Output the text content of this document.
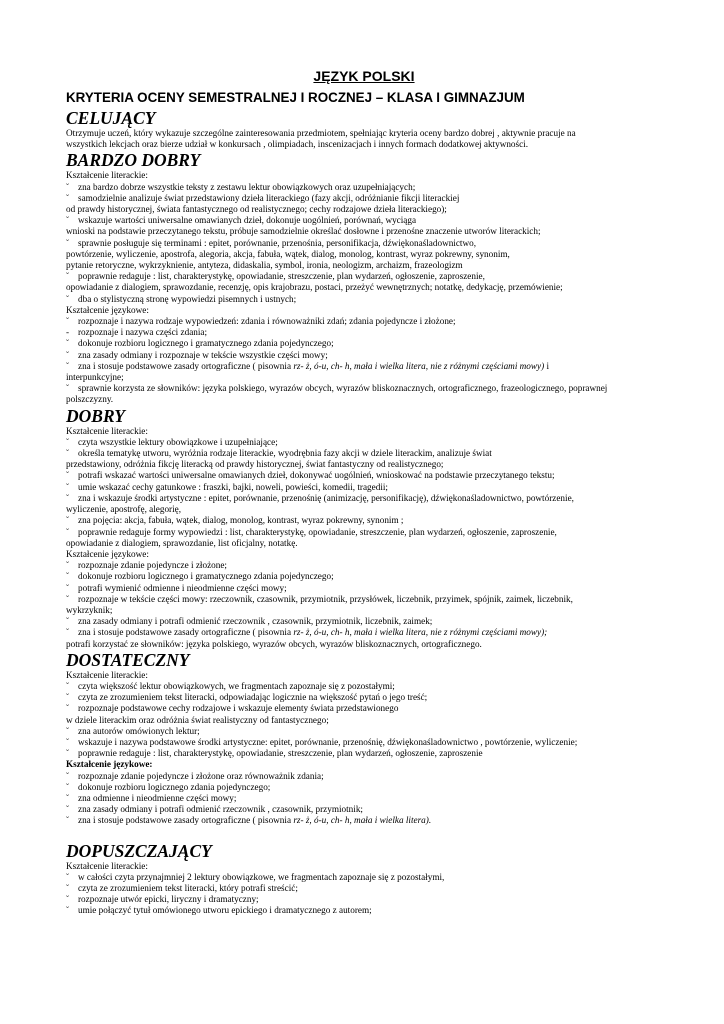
JĘZYK POLSKI
KRYTERIA OCENY SEMESTRALNEJ I ROCZNEJ – KLASA I GIMNAZJUM
CELUJĄCY
Otrzymuje uczeń, który wykazuje szczególne zainteresowania przedmiotem, spełniając kryteria oceny bardzo dobrej , aktywnie pracuje na
wszystkich lekcjach oraz bierze udział w konkursach , olimpiadach, inscenizacjach i innych formach dodatkowej aktywności.
BARDZO DOBRY
Kształcenie literackie:
˘ zna bardzo dobrze wszystkie teksty z zestawu lektur obowiązkowych oraz uzupełniających;
˘ samodzielnie analizuje świat przedstawiony dzieła literackiego (fazy akcji, odróżnianie fikcji literackiej
od prawdy historycznej, świata fantastycznego od realistycznego; cechy rodzajowe dzieła literackiego);
˘ wskazuje wartości uniwersalne omawianych dzieł, dokonuje uogólnień, porównań, wyciąga
wnioski na podstawie przeczytanego tekstu, próbuje samodzielnie określać dosłowne i przenośne znaczenie utworów literackich;
˘ sprawnie posługuje się terminami : epitet, porównanie, przenośnia, personifikacja, dźwiękonaśladownictwo,
powtórzenie, wyliczenie, apostrofa, alegoria, akcja, fabuła, wątek, dialog, monolog, kontrast, wyraz pokrewny, synonim,
pytanie retoryczne, wykrzyknienie, antyteza, didaskalia, symbol, ironia, neologizm, archaizm, frazeologizm
˘ poprawnie redaguje : list, charakterystykę, opowiadanie, streszczenie, plan wydarzeń, ogłoszenie, zaproszenie,
opowiadanie z dialogiem, sprawozdanie, recenzję, opis krajobrazu, postaci, przeżyć wewnętrznych; notatkę, dedykację, przemówienie;
˘ dba o stylistyczną stronę wypowiedzi pisemnych i ustnych;
Kształcenie językowe:
˘ rozpoznaje i nazywa rodzaje wypowiedzeń: zdania i równoważniki zdań; zdania pojedyncze i złożone;
- rozpoznaje i nazywa części zdania;
˘ dokonuje rozbioru logicznego i gramatycznego zdania pojedynczego;
˘ zna zasady odmiany i rozpoznaje w tekście wszystkie części mowy;
˘ zna i stosuje podstawowe zasady ortograficzne ( pisownia rz- ż, ó-u, ch- h, mała i wielka litera, nie z różnymi częściami mowy) i
interpunkcyjne;
˘ sprawnie korzysta ze słowników: języka polskiego, wyrazów obcych, wyrazów bliskoznacznych, ortograficznego, frazeologicznego, poprawnej
polszczyzny.
DOBRY
Kształcenie literackie:
˘ czyta wszystkie lektury obowiązkowe i uzupełniające;
˘ określa tematykę utworu, wyróżnia rodzaje literackie, wyodrębnia fazy akcji w dziele literackim, analizuje świat
przedstawiony, odróżnia fikcję literacką od prawdy historycznej, świat fantastyczny od realistycznego;
˘ potrafi wskazać wartości uniwersalne omawianych dzieł, dokonywać uogólnień, wnioskować na podstawie przeczytanego tekstu;
˘ umie wskazać cechy gatunkowe : fraszki, bajki, noweli, powieści, komedii, tragedii;
˘ zna i wskazuje środki artystyczne : epitet, porównanie, przenośnię (animizację, personifikację), dźwiękonaśladownictwo, powtórzenie,
wyliczenie, apostrofę, alegorię,
˘ zna pojęcia: akcja, fabuła, wątek, dialog, monolog, kontrast, wyraz pokrewny, synonim ;
˘ poprawnie redaguje formy wypowiedzi : list, charakterystykę, opowiadanie, streszczenie, plan wydarzeń, ogłoszenie, zaproszenie,
opowiadanie z dialogiem, sprawozdanie, list oficjalny, notatkę.
Kształcenie językowe:
˘ rozpoznaje zdanie pojedyncze i złożone;
˘ dokonuje rozbioru logicznego i gramatycznego zdania pojedynczego;
˘ potrafi wymienić odmienne i nieodmienne części mowy;
˘ rozpoznaje w tekście części mowy: rzeczownik, czasownik, przymiotnik, przysłówek, liczebnik, przyimek, spójnik, zaimek, liczebnik,
wykrzyknik;
˘ zna zasady odmiany i potrafi odmienić rzeczownik , czasownik, przymiotnik, liczebnik, zaimek;
˘ zna i stosuje podstawowe zasady ortograficzne ( pisownia rz- ż, ó-u, ch- h, mała i wielka litera, nie z różnymi częściami mowy);
potrafi korzystać ze słowników: języka polskiego, wyrazów obcych, wyrazów bliskoznacznych, ortograficznego.
DOSTATECZNY
Kształcenie literackie:
˘ czyta większość lektur obowiązkowych, we fragmentach zapoznaje się z pozostałymi;
˘ czyta ze zrozumieniem tekst literacki, odpowiadając logicznie na większość pytań o jego treść;
˘ rozpoznaje podstawowe cechy rodzajowe i wskazuje elementy świata przedstawionego
w dziele literackim oraz odróżnia świat realistyczny od fantastycznego;
˘ zna autorów omówionych lektur;
˘ wskazuje i nazywa podstawowe środki artystyczne: epitet, porównanie, przenośnię, dźwiękonaśladownictwo , powtórzenie, wyliczenie;
˘ poprawnie redaguje : list, charakterystykę, opowiadanie, streszczenie, plan wydarzeń, ogłoszenie, zaproszenie
Kształcenie językowe:
˘ rozpoznaje zdanie pojedyncze i złożone oraz równoważnik zdania;
˘ dokonuje rozbioru logicznego zdania pojedynczego;
˘ zna odmienne i nieodmienne części mowy;
˘ zna zasady odmiany i potrafi odmienić rzeczownik , czasownik, przymiotnik;
˘ zna i stosuje podstawowe zasady ortograficzne ( pisownia rz- ż, ó-u, ch- h, mała i wielka litera).
DOPUSZCZAJĄCY
Kształcenie literackie:
˘ w całości czyta przynajmniej 2 lektury obowiązkowe, we fragmentach zapoznaje się z pozostałymi,
˘ czyta ze zrozumieniem tekst literacki, który potrafi streścić;
˘ rozpoznaje utwór epicki, liryczny i dramatyczny;
˘ umie połączyć tytuł omówionego utworu epickiego i dramatycznego z autorem;
